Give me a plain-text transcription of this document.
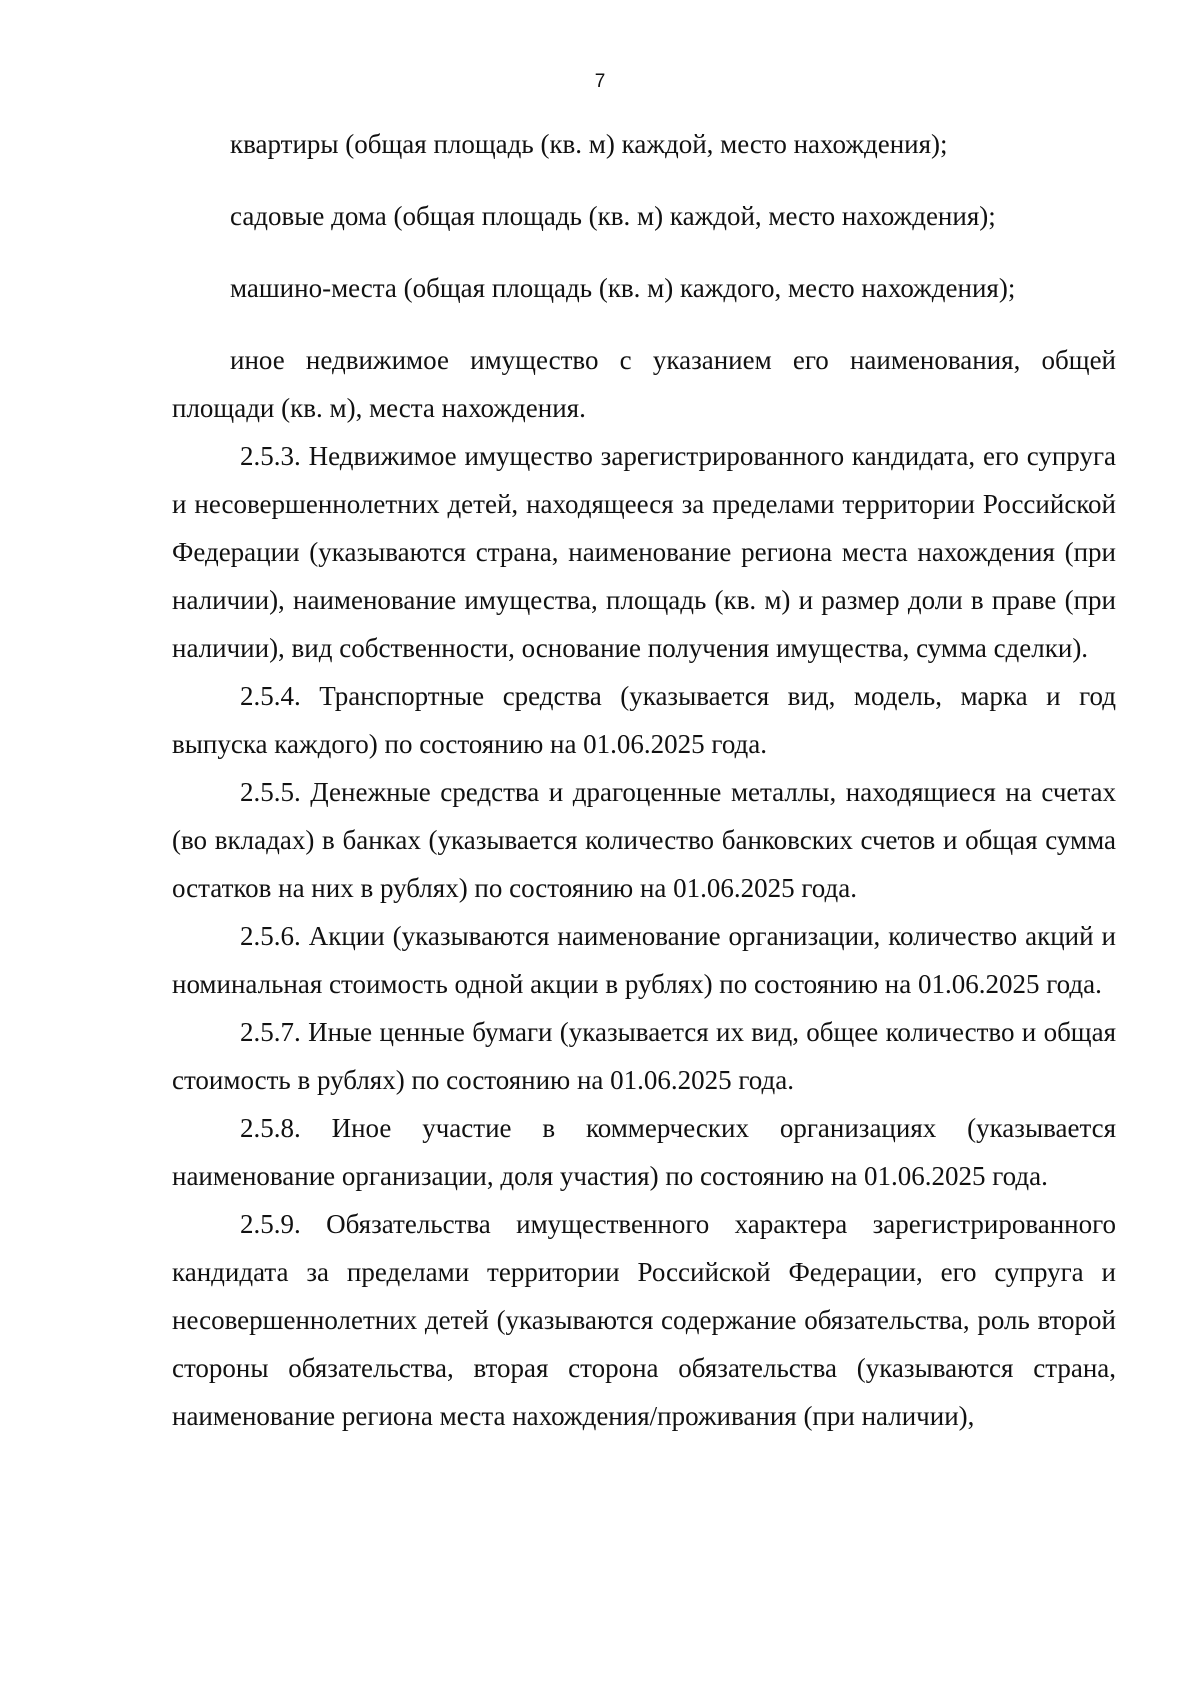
7

квартиры (общая площадь (кв. м) каждой, место нахождения);

садовые дома (общая площадь (кв. м) каждой, место нахождения);

машино-места (общая площадь (кв. м) каждого, место нахождения);

иное недвижимое имущество с указанием его наименования, общей площади (кв. м), места нахождения.

2.5.3. Недвижимое имущество зарегистрированного кандидата, его супруга и несовершеннолетних детей, находящееся за пределами территории Российской Федерации (указываются страна, наименование региона места нахождения (при наличии), наименование имущества, площадь (кв. м) и размер доли в праве (при наличии), вид собственности, основание получения имущества, сумма сделки).

2.5.4. Транспортные средства (указывается вид, модель, марка и год выпуска каждого) по состоянию на 01.06.2025 года.

2.5.5. Денежные средства и драгоценные металлы, находящиеся на счетах (во вкладах) в банках (указывается количество банковских счетов и общая сумма остатков на них в рублях) по состоянию на 01.06.2025 года.

2.5.6. Акции (указываются наименование организации, количество акций и номинальная стоимость одной акции в рублях) по состоянию на 01.06.2025 года.

2.5.7. Иные ценные бумаги (указывается их вид, общее количество и общая стоимость в рублях) по состоянию на 01.06.2025 года.

2.5.8. Иное участие в коммерческих организациях (указывается наименование организации, доля участия) по состоянию на 01.06.2025 года.

2.5.9. Обязательства имущественного характера зарегистрированного кандидата за пределами территории Российской Федерации, его супруга и несовершеннолетних детей (указываются содержание обязательства, роль второй стороны обязательства, вторая сторона обязательства (указываются страна, наименование региона места нахождения/проживания (при наличии),
